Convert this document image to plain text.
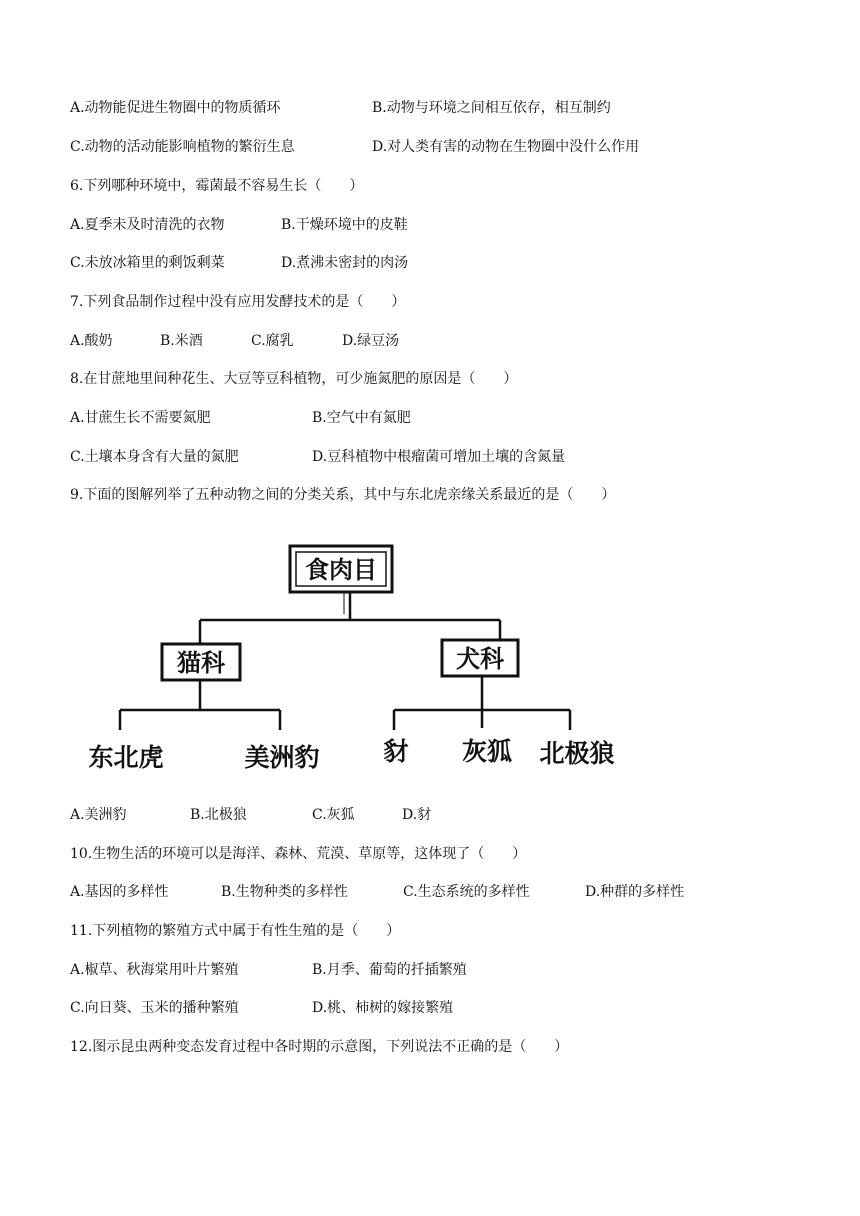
A.动物能促进生物圈中的物质循环	B.动物与环境之间相互依存，相互制约
C.动物的活动能影响植物的繁衍生息	D.对人类有害的动物在生物圈中没什么作用
6.下列哪种环境中，霉菌最不容易生长（　　）
A.夏季未及时清洗的衣物	B.干燥环境中的皮鞋
C.未放冰箱里的剩饭剩菜	D.煮沸未密封的肉汤
7.下列食品制作过程中没有应用发酵技术的是（　　）
A.酸奶	B.米酒	C.腐乳	D.绿豆汤
8.在甘蔗地里间种花生、大豆等豆科植物，可少施氮肥的原因是（　　）
A.甘蔗生长不需要氮肥	B.空气中有氮肥
C.土壤本身含有大量的氮肥	D.豆科植物中根瘤菌可增加土壤的含氮量
9.下面的图解列举了五种动物之间的分类关系，其中与东北虎亲缘关系最近的是（　　）
食肉目
猫科
东北虎	美洲豹
犬科
豺 灰狐 北极狼
A.美洲豹	B.北极狼	C.灰狐	D.豺
10.生物生活的环境可以是海洋、森林、荒漠、草原等，这体现了（　　）
A.基因的多样性	B.生物种类的多样性	C.生态系统的多样性	D.种群的多样性
11.下列植物的繁殖方式中属于有性生殖的是（　　）
A.椒草、秋海棠用叶片繁殖	B.月季、葡萄的扦插繁殖
C.向日葵、玉米的播种繁殖	D.桃、柿树的嫁接繁殖
12.图示昆虫两种变态发育过程中各时期的示意图，下列说法不正确的是（　　）
